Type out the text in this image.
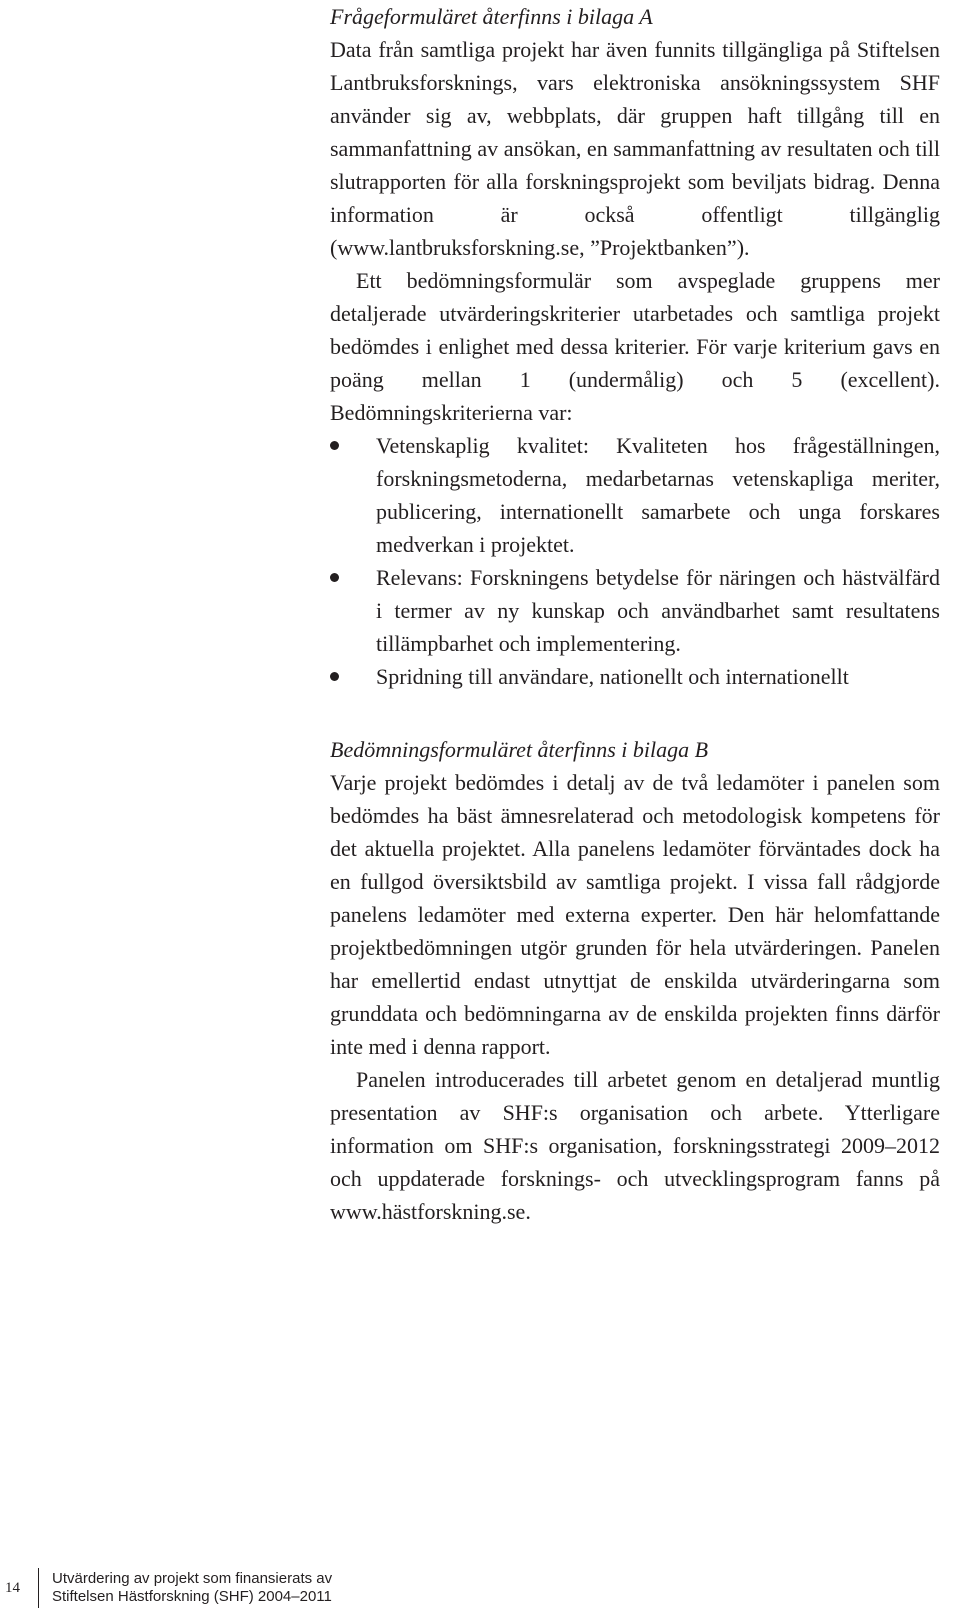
Frågeformuläret återfinns i bilaga A

Data från samtliga projekt har även funnits tillgängliga på Stiftelsen Lantbruksforsknings, vars elektroniska ansökningssystem SHF använder sig av, webbplats, där gruppen haft tillgång till en sammanfattning av ansökan, en sammanfattning av resultaten och till slutrapporten för alla forskningsprojekt som beviljats bidrag. Denna information är också offentligt tillgänglig (www.lantbruksforskning.se, ”Projektbanken”).

Ett bedömningsformulär som avspeglade gruppens mer detaljerade utvärderingskriterier utarbetades och samtliga projekt bedömdes i enlighet med dessa kriterier. För varje kriterium gavs en poäng mellan 1 (undermålig) och 5 (excellent). Bedömningskriterierna var:

Vetenskaplig kvalitet: Kvaliteten hos frågeställningen, forskningsmetoderna, medarbetarnas vetenskapliga meriter, publicering, internationellt samarbete och unga forskares medverkan i projektet.
Relevans: Forskningens betydelse för näringen och hästvälfärd i termer av ny kunskap och användbarhet samt resultatens tillämpbarhet och implementering.
Spridning till användare, nationellt och internationellt

Bedömningsformuläret återfinns i bilaga B

Varje projekt bedömdes i detalj av de två ledamöter i panelen som bedömdes ha bäst ämnesrelaterad och metodologisk kompetens för det aktuella projektet. Alla panelens ledamöter förväntades dock ha en fullgod översiktsbild av samtliga projekt. I vissa fall rådgjorde panelens ledamöter med externa experter. Den här helomfattande projektbedömningen utgör grunden för hela utvärderingen. Panelen har emellertid endast utnyttjat de enskilda utvärderingarna som grunddata och bedömningarna av de enskilda projekten finns därför inte med i denna rapport.

Panelen introducerades till arbetet genom en detaljerad muntlig presentation av SHF:s organisation och arbete. Ytterligare information om SHF:s organisation, forskningsstrategi 2009–2012 och uppdaterade forsknings- och utvecklingsprogram fanns på www.hästforskning.se.

14
Utvärdering av projekt som finansierats av
Stiftelsen Hästforskning (SHF) 2004–2011
